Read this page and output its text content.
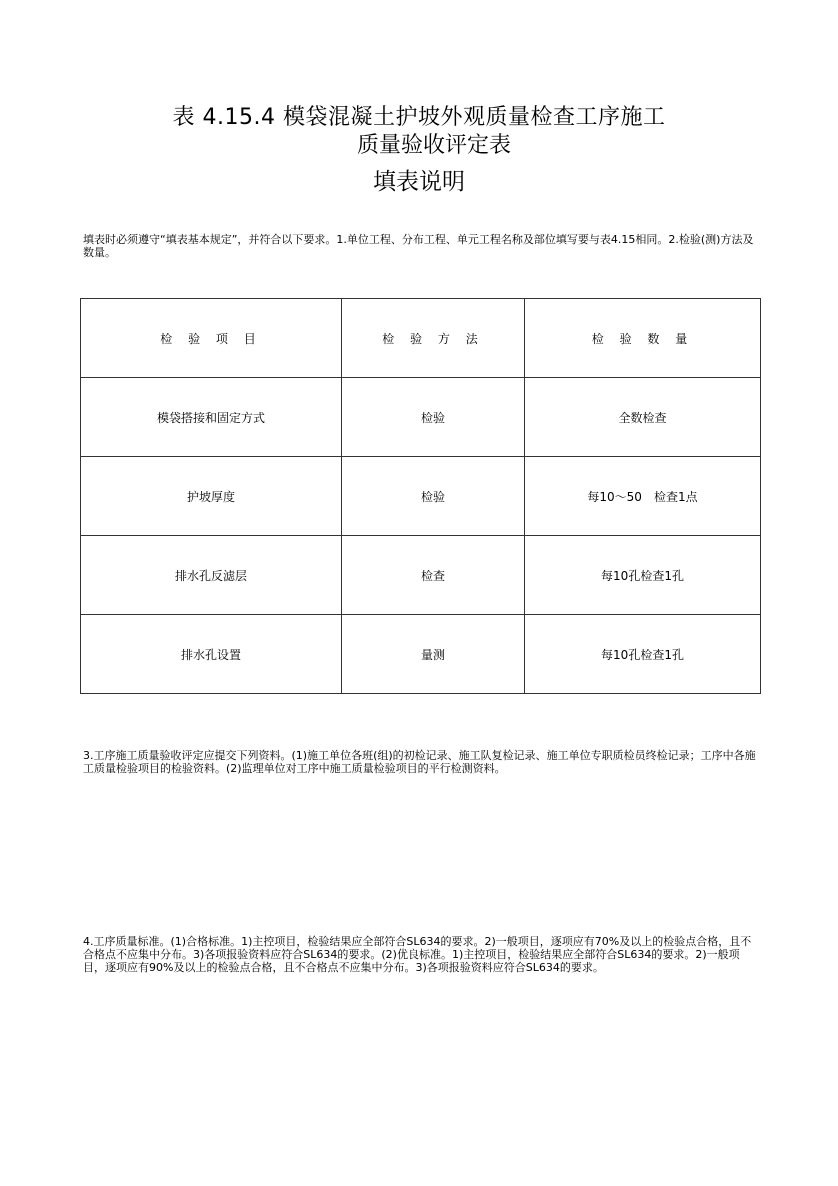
表 4.15.4 模袋混凝土护坡外观质量检查工序施工
质量验收评定表
填表说明
填表时必须遵守“填表基本规定”，并符合以下要求。1.单位工程、分布工程、单元工程名称及部位填写要与表4.15相同。2.检验(测)方法及数量。
检 验 项 目	检 验 方 法	检 验 数 量
模袋搭接和固定方式	检验	全数检查
护坡厚度	检验	每10～50　检查1点
排水孔反滤层	检查	每10孔检查1孔
排水孔设置	量测	每10孔检查1孔
3.工序施工质量验收评定应提交下列资料。(1)施工单位各班(组)的初检记录、施工队复检记录、施工单位专职质检员终检记录；工序中各施工质量检验项目的检验资料。(2)监理单位对工序中施工质量检验项目的平行检测资料。
4.工序质量标准。(1)合格标准。1)主控项目，检验结果应全部符合SL634的要求。2)一般项目，逐项应有70%及以上的检验点合格，且不合格点不应集中分布。3)各项报验资料应符合SL634的要求。(2)优良标准。1)主控项目，检验结果应全部符合SL634的要求。2)一般项目，逐项应有90%及以上的检验点合格，且不合格点不应集中分布。3)各项报验资料应符合SL634的要求。
